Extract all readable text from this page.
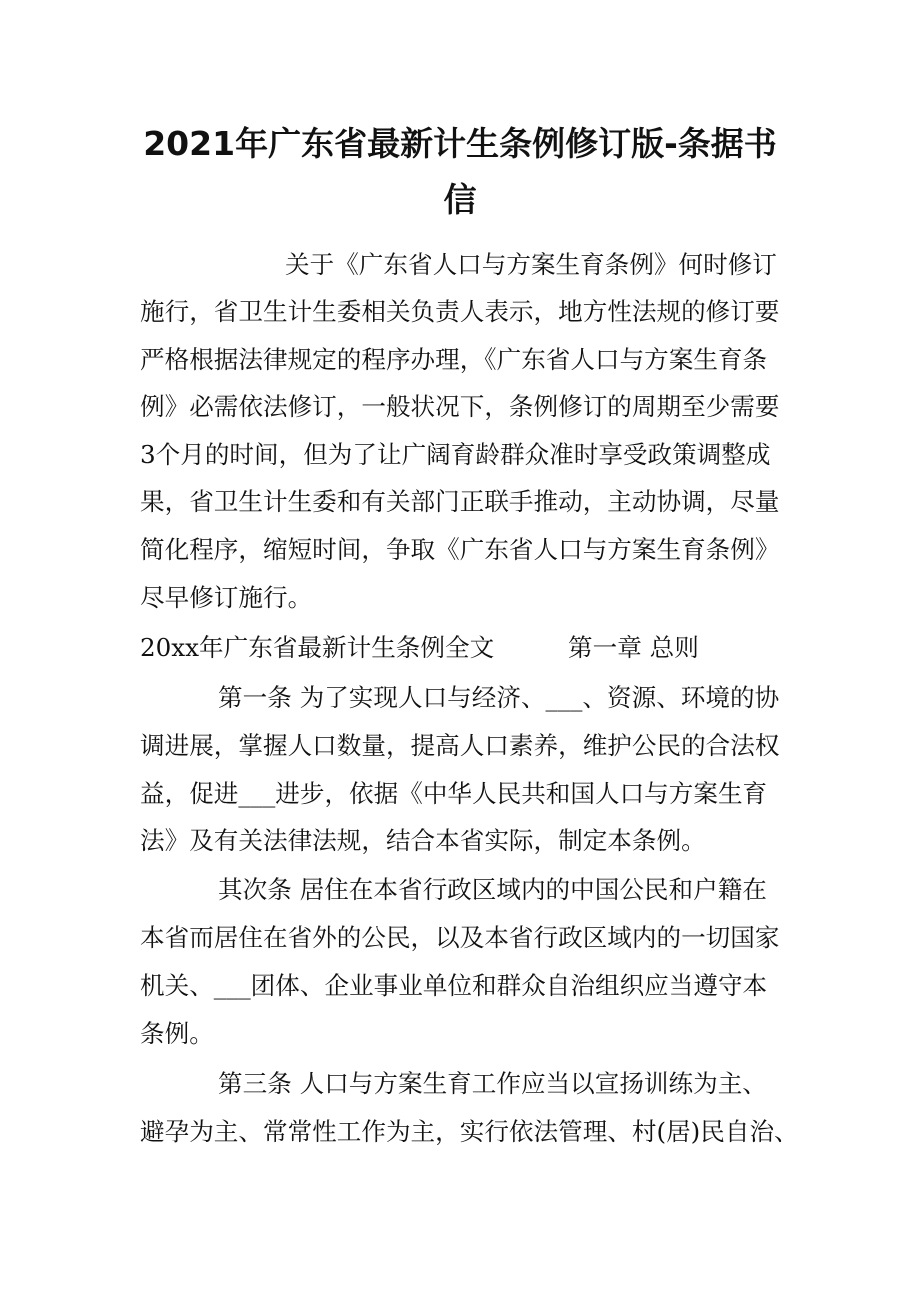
2021年广东省最新计生条例修订版-条据书
信

关于《广东省人口与方案生育条例》何时修订

施行，省卫生计生委相关负责人表示，地方性法规的修订要

严格根据法律规定的程序办理，《广东省人口与方案生育条

例》必需依法修订，一般状况下，条例修订的周期至少需要

3个月的时间，但为了让广阔育龄群众准时享受政策调整成

果，省卫生计生委和有关部门正联手推动，主动协调，尽量

简化程序，缩短时间，争取《广东省人口与方案生育条例》

尽早修订施行。

20xx年广东省最新计生条例全文	第一章 总则

第一条 为了实现人口与经济、___、资源、环境的协

调进展，掌握人口数量，提高人口素养，维护公民的合法权

益，促进___进步，依据《中华人民共和国人口与方案生育

法》及有关法律法规，结合本省实际，制定本条例。

其次条 居住在本省行政区域内的中国公民和户籍在

本省而居住在省外的公民，以及本省行政区域内的一切国家

机关、___团体、企业事业单位和群众自治组织应当遵守本

条例。

第三条 人口与方案生育工作应当以宣扬训练为主、

避孕为主、常常性工作为主，实行依法管理、村(居)民自治、
